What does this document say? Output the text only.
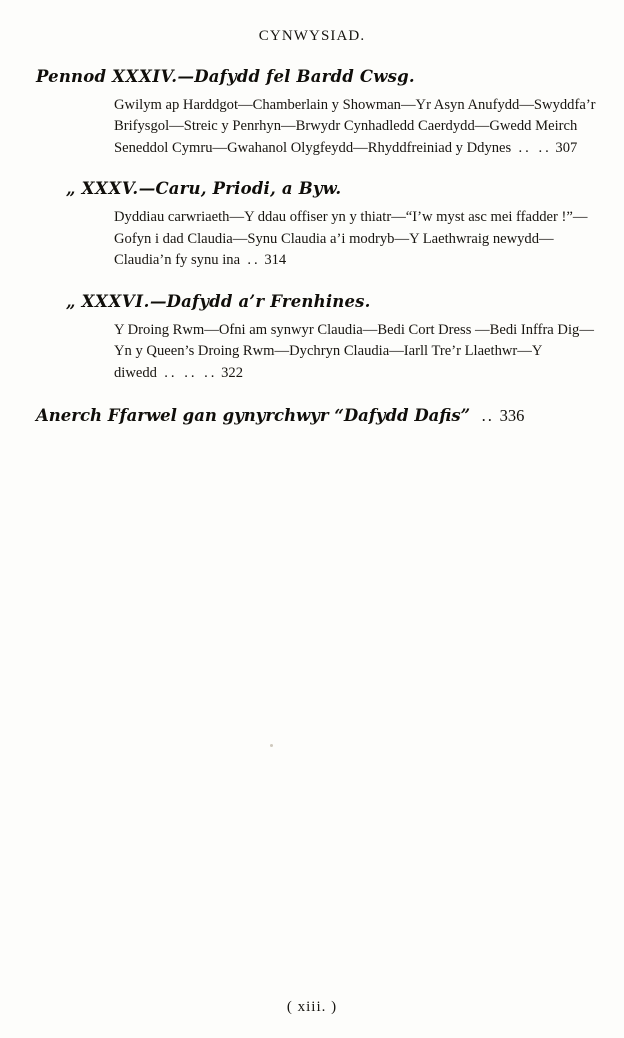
CYNWYSIAD.
Pennod XXXIV.—Dafydd fel Bardd Cwsg.
Gwilym ap Harddgot—Chamberlain y Showman—Yr Asyn Anufydd—Swyddfa’r Brifysgol—Streic y Penrhyn—Brwydr Cynhadledd Caerdydd—Gwedd Meirch Seneddol Cymru—Gwahanol Olygfeydd—Rhyddfreiniad y Ddynes .. .. 307
„ XXXV.—Caru, Priodi, a Byw.
Dyddiau carwriaeth—Y ddau offiser yn y thiatr—“I’w myst asc mei ffadder !”—Gofyn i dad Claudia—Synu Claudia a’i modryb—Y Laethwraig newydd—Claudia’n fy synu ina .. 314
„ XXXVI.—Dafydd a’r Frenhines.
Y Droing Rwm—Ofni am synwyr Claudia—Bedi Cort Dress —Bedi Inffra Dig—Yn y Queen’s Droing Rwm—Dychryn Claudia—Iarll Tre’r Llaethwr—Y diwedd .. .. .. 322
Anerch Ffarwel gan gynyrchwyr “Dafydd Dafis” .. 336
( xiii. )
